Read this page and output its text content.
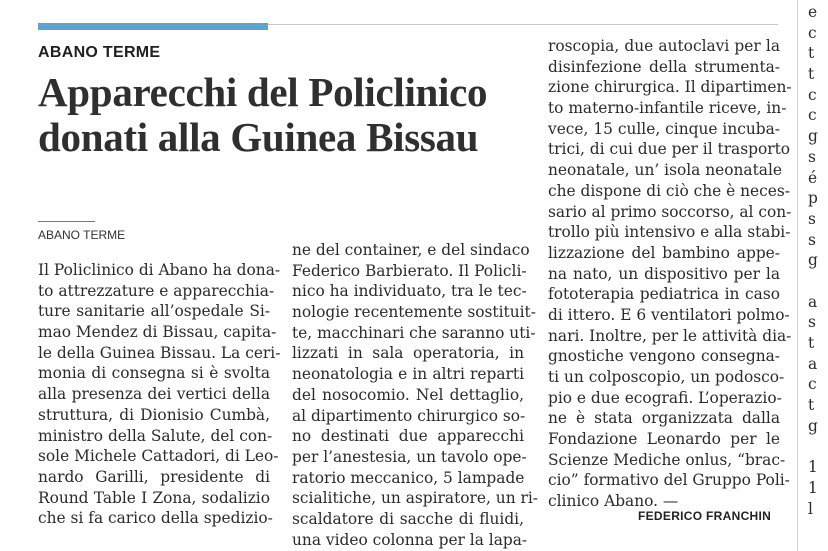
ABANO TERME
Apparecchi del Policlinico
donati alla Guinea Bissau
ABANO TERME
Il Policlinico di Abano ha dona-
to attrezzature e apparecchia-
ture sanitarie all’ospedale Si-
mao Mendez di Bissau, capita-
le della Guinea Bissau. La ceri-
monia di consegna si è svolta
alla presenza dei vertici della
struttura, di Dionisio Cumbà,
ministro della Salute, del con-
sole Michele Cattadori, di Leo-
nardo Garilli, presidente di
Round Table I Zona, sodalizio
che si fa carico della spedizio-
ne del container, e del sindaco
Federico Barbierato. Il Policli-
nico ha individuato, tra le tec-
nologie recentemente sostituit-
te, macchinari che saranno uti-
lizzati in sala operatoria, in
neonatologia e in altri reparti
del nosocomio. Nel dettaglio,
al dipartimento chirurgico so-
no destinati due apparecchi
per l’anestesia, un tavolo ope-
ratorio meccanico, 5 lampade
scialitiche, un aspiratore, un ri-
scaldatore di sacche di fluidi,
una video colonna per la lapa-
roscopia, due autoclavi per la
disinfezione della strumenta-
zione chirurgica. Il dipartimen-
to materno-infantile riceve, in-
vece, 15 culle, cinque incuba-
trici, di cui due per il trasporto
neonatale, un’ isola neonatale
che dispone di ciò che è neces-
sario al primo soccorso, al con-
trollo più intensivo e alla stabi-
lizzazione del bambino appe-
na nato, un dispositivo per la
fototerapia pediatrica in caso
di ittero. E 6 ventilatori polmo-
nari. Inoltre, per le attività dia-
gnostiche vengono consegna-
ti un colposcopio, un podosco-
pio e due ecografi. L’operazio-
ne è stata organizzata dalla
Fondazione Leonardo per le
Scienze Mediche onlus, “brac-
cio” formativo del Gruppo Poli-
clinico Abano. —
e
c
t
t
c
c
g
s
é
p
s
s
g
a
s
t
a
c
t
g
1
1
l
FEDERICO FRANCHIN
